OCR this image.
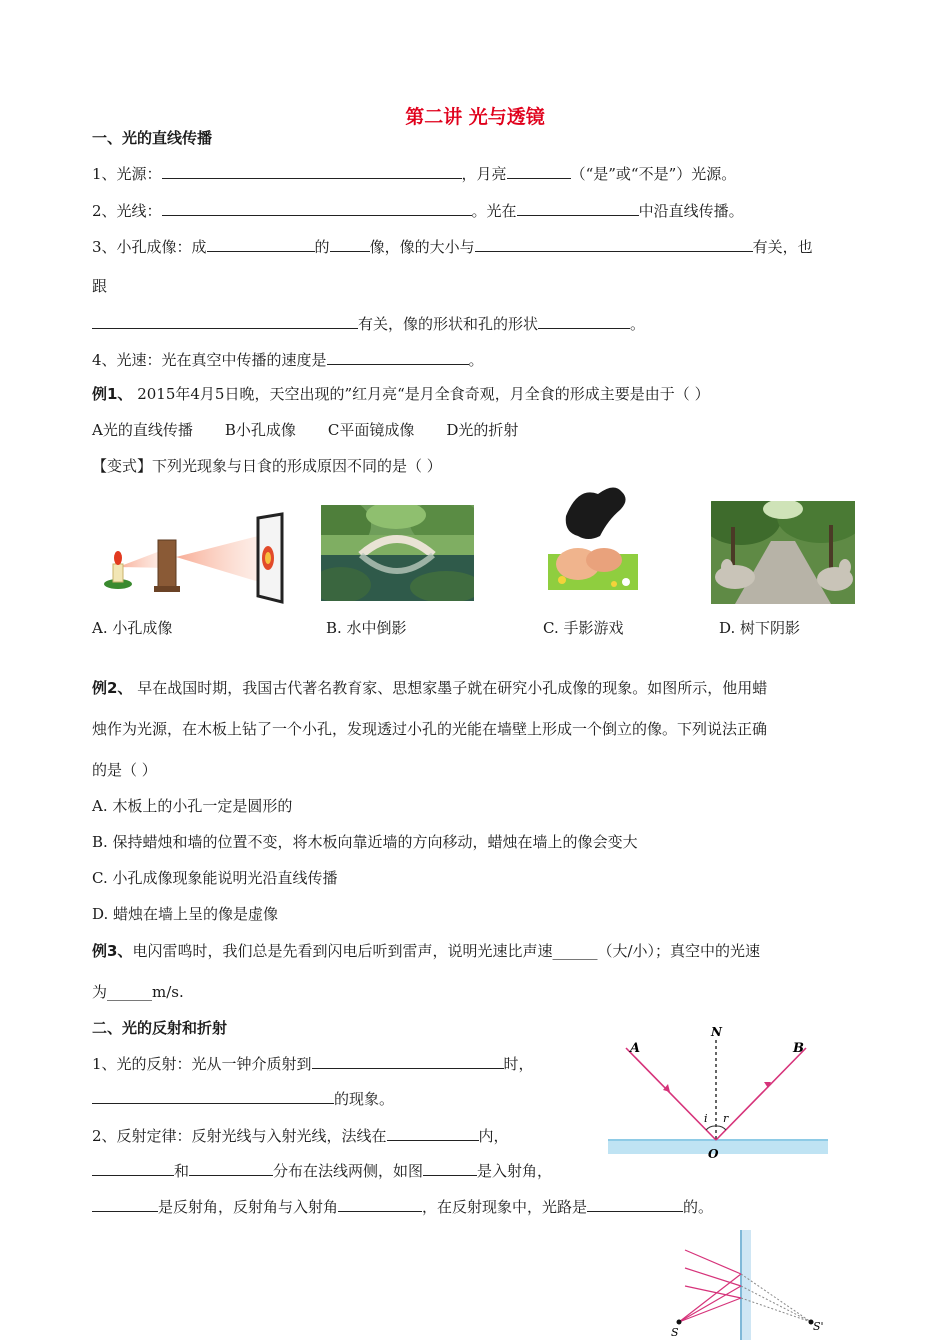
第二讲 光与透镜
一、光的直线传播
1、光源：	，月亮	（“是”或“不是”）光源。
2、光线：	。光在	中沿直线传播。
3、小孔成像：成	的	像，像的大小与	有关，也
跟
有关，像的形状和孔的形状	。
4、光速：光在真空中传播的速度是	。
例1、 2015年4月5日晚，天空出现的”红月亮“是月全食奇观，月全食的形成主要是由于（ ）
A光的直线传播 B小孔成像 C平面镜成像 D光的折射
【变式】下列光现象与日食的形成原因不同的是（ ）
A. 小孔成像	B. 水中倒影	C. 手影游戏	D. 树下阴影
例2、 早在战国时期，我国古代著名教育家、思想家墨子就在研究小孔成像的现象。如图所示，他用蜡
烛作为光源，在木板上钻了一个小孔，发现透过小孔的光能在墙壁上形成一个倒立的像。下列说法正确
的是（ ）
A. 木板上的小孔一定是圆形的
B. 保持蜡烛和墙的位置不变，将木板向靠近墙的方向移动，蜡烛在墙上的像会变大
C. 小孔成像现象能说明光沿直线传播
D. 蜡烛在墙上呈的像是虚像
例3、电闪雷鸣时，我们总是先看到闪电后听到雷声，说明光速比声速______（大/小）；真空中的光速
为______m/s.
二、光的反射和折射
1、光的反射：光从一钟介质射到	时，
的现象。
2、反射定律：反射光线与入射光线，法线在	内，
和	分布在法线两侧，如图	是入射角，
是反射角，反射角与入射角	，在反射现象中，光路是	的。
A	B
N
O
i r
S	S'
